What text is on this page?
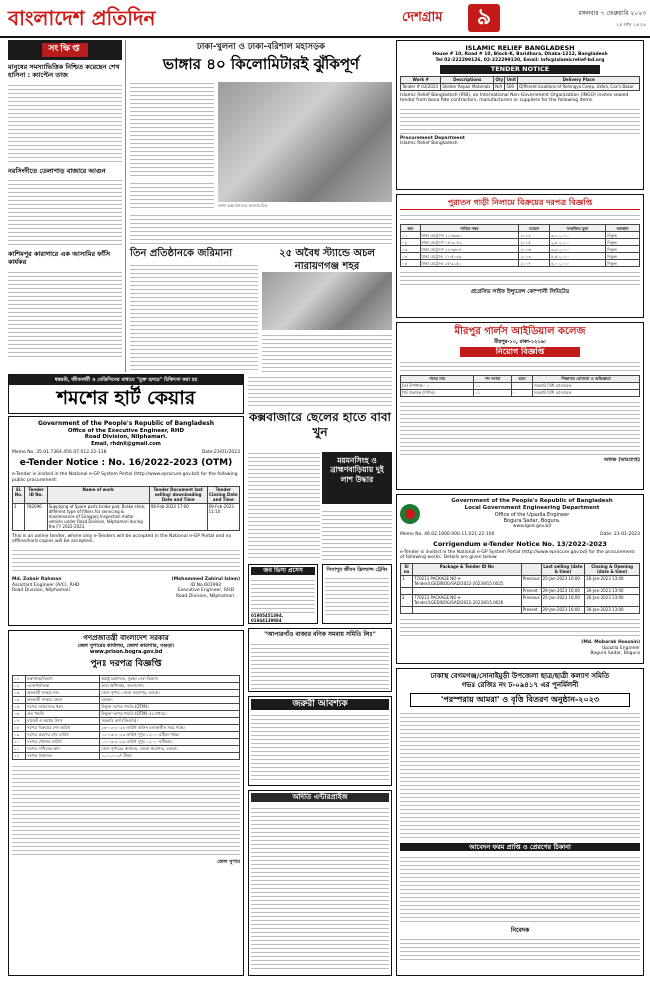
বাংলাদেশ প্রতিদিন	দেশগ্রাম	৯	মঙ্গলবার ৭ ফেব্রুয়ারি ২০২৩
২৪ মাঘ ১৪২৯
সংক্ষিপ্ত
মানুষের সমস্যাভিত্তিক নিশ্চিত করেছেন শেখ হাসিনা : ক্যাপ্টেন তাজ
নরসিংদীতে ডেলাপাড় বাজারে আগুন
কাশিমপুর কারাগারে এক আসামির ফাঁসি কার্যকর
ঢাকা-খুলনা ও ঢাকা-বরিশাল মহাসড়ক
ভাঙ্গার ৪০ কিলোমিটারই ঝুঁকিপূর্ণ
ভাঙ্গা এক্সপ্রেসওয়ে অংশের চিত্র
তিন প্রতিষ্ঠানকে জরিমানা	২৫ অবৈধ স্ট্যান্ডে অচল নারায়ণগঞ্জ শহর
ধন্বন্তরি, জীবনধর্মী ও মেডিসিনের মাধ্যমে "মুক্ত হৃদয়ে" চিকিৎসা করা হয়
শমশের হার্ট কেয়ার
Government of the People's Republic of Bangladesh
Office of the Executive Engineer, RHD
Road Division, Nilphamari.
Email, rhdnil@gmail.com
Memo No. 35.01.7364.456.07.012.22-118	Date:23/01/2023
e-Tender Notice : No. 16/2022-2023 (OTM)
e-Tender is invited in the National e-GP System Portal (http://www.eprocure.gov.bd) for the following public procurement:
Sl. No.	Tender ID No.	Name of work	Tender Document last selling/ downloading Date and Time	Tender Closing Date and Time
1	782096	Supplying of Spare parts brake pad, Brake shoe, different type of filters for servicing & maintenance of Sirajganj Inspection motor vehicle under Road Division, Nilphamari during the FY 2022-2023.	08-Feb-2023 17:00	09-Feb-2023 11:10
This is an online tender, where only e-Tenders will be accepted in the National e-GP Portal and no offline/hard copies will be accepted.
Md. Zobair Rahman
Assistant Engineer (A/C), RHD
Road Division, Nilphamari.
(Mohammed Zahirul Islam)
ID No.601992
Executive Engineer, RHD
Road Division, Nilphamari.
গণপ্রজাতন্ত্রী বাংলাদেশ সরকার
জেল সুপারের কার্যালয়, জেলা কারাগার, বগুড়া।
www.prison.bogra.gov.bd
পুনঃ দরপত্র বিজ্ঞপ্তি
০১	মন্ত্রণালয়/বিভাগ	স্বরাষ্ট্র মন্ত্রণালয়, সুরক্ষা সেবা বিভাগ।
০২	এজেন্সি/সংস্থা	কারা অধিদপ্তর, বাংলাদেশ।
০৩	ক্রয়কারী সংস্থার নাম	জেল সুপার, জেলা কারাগার, বগুড়া।
০৪	ক্রয়কারী সংস্থার জেলা	বগুড়া।
০৫	দরপত্র আহবানের ধরন	উন্মুক্ত দরপত্র পদ্ধতি (OTM)।
০৬	ক্রয় পদ্ধতি	উন্মুক্ত দরপত্র পদ্ধতি (OTM) এর মাধ্যমে।
০৭	বাজেট ও অর্থের উৎস	সরকারি অর্থ (জিওবি)।
০৮	দরপত্র বিক্রয়ের শেষ তারিখ	২৮-০২-২০২৩ তারিখ অফিস চলাকালীন সময় পর্যন্ত।
০৯	দরপত্র গ্রহণের শেষ তারিখ	০১-০৩-২০২৩ তারিখ দুপুর ১২:০০ ঘটিকা পর্যন্ত।
১০	দরপত্র খোলার তারিখ	০১-০৩-২০২৩ তারিখ দুপুর ০২:০০ ঘটিকায়।
১১	দরপত্র দাখিলের স্থান	জেল সুপারের কার্যালয়, জেলা কারাগার, বগুড়া।
১২	দরপত্র জামানত	১,০০,০০০/- টাকা।
জেল সুপার
কক্সবাজারে ছেলের হাতে বাবা খুন
ময়মনসিংহ ও ব্রাহ্মণবাড়িয়ায় দুই লাশ উদ্ধার
জব ভিসা প্রসেস
01905451394, 01944139884
সিসাপুর জীবন ফ্রিল্যান্স ট্রেনিং
"আপারগাঁও বাজার বণিক সমবায় সমিতি লিঃ"
জরুরী আবশ্যক
অদিতি এন্টারপ্রাইজ
ISLAMIC RELIEF BANGLADESH
House # 10, Road # 10, Block-K, Baridhara, Dhaka-1212, Bangladesh
Tel 02-222299126, 02-222299130, Email: info@islamicrelief-bd.org
TENDER NOTICE
Work #	Descriptions	Qty	Unit	Delivery Place
Tender # 03/2023	Shelter Repair Materials	N/A	500	Different locations of Rohingya Camp, Ukhia, Cox's Bazar
Islamic Relief Bangladesh (IRB), an International Non-Government Organization (INGO) invites sealed tender from bona fide contractors, manufacturers or suppliers for the following items.
Procurement Department
Islamic Relief Bangladesh
পুরাতন গাড়ী নিলামে বিক্রয়ের দরপত্র বিজ্ঞপ্তি
ক্রম	গাড়ির নম্বর	মডেল	সংরক্ষিত মূল্য	অবস্থান
০১	ঢাকা মেট্রো-গ ২১-৬৩৩০	২০০৪	৩,০০,০০০	নিকুঞ্জ
০২	ঢাকা মেট্রো-গ ১৫-৯০৮২	২০০৫	২,৮০,০০০	নিকুঞ্জ
০৩	ঢাকা মেট্রো-গ ২২-৩৬০৮	২০০৬	৩,২০,০০০	নিকুঞ্জ
০৪	ঢাকা মেট্রো-চ ১১-৫০৪৯	২০০৩	৪,৫০,০০০	নিকুঞ্জ
০৫	ঢাকা মেট্রো-চ ১৫-৯১৫০	২০০৭	৫,০০,০০০	নিকুঞ্জ
প্রগ্রেসিভ লাইফ ইন্স্যুরেন্স কোম্পানী লিমিটেড
মীরপুর গার্লস আইডিয়াল কলেজ
মীরপুর-১০, ঢাকা-১২১৬।
নিয়োগ বিজ্ঞপ্তি
পদের নাম	পদ সংখ্যা	বয়স	শিক্ষাগত যোগ্যতা ও অভিজ্ঞতা
(ক) উপাধ্যক্ষ - ১	০১	-	সরকারি বিধি মোতাবেক
(খ) প্রভাষক (গণিত)	০১	-	সরকারি বিধি মোতাবেক
অধ্যক্ষ (ভারপ্রাপ্ত)
Government of the People's Republic of Bangladesh
Local Government Engineering Department
Office of the Upazila Engineer
Bogura Sadar, Bogura.
www.lged.gov.bd
Memo No. 46.02.1000.000.11.021.22-100	Date: 23-01-2023
Corrigendum e-Tender Notice No. 13/2022-2023
e-Tender is invited in the National e-GP System Portal (http://www.eprocure.gov.bd) for the procurement of following works. Details are given below:
Sl no	Package & Tender ID No		Last selling (date & time)	Closing & Opening (date & time)
1	770211 PACKAGE NO e-Tender/LGED/BOG/SAD/2022-2023/815.0025	Previous	25-Jan-2023 16:00	26-Jan-2023 13:00
		Present	29-Jan-2023 16:00	30-Jan-2023 13:00
2	770212 PACKAGE NO e-Tender/LGED/BOG/SAD/2022-2023/815.0026	Previous	25-Jan-2023 16:00	26-Jan-2023 13:00
		Present	29-Jan-2023 16:00	30-Jan-2023 13:00
(Md. Mobarak Hossain)
Upazila Engineer
Bogura Sadar, Bogura
ঢাকাস্থ বেগমগঞ্জ/সোনাইমুড়ী উপজেলা ছাত্র/ছাত্রী কল্যাণ সমিতি
গভঃ রেজিঃ নং ঢ-০৯৪১৭ এর পুনর্মিলনী
'পরস্পরায় আমরা' ও বৃত্তি বিতরণ অনুষ্ঠান-২০২৩
আবেদন ফরম প্রাপ্তি ও প্রেরণের ঠিকানা
নিবেদক
